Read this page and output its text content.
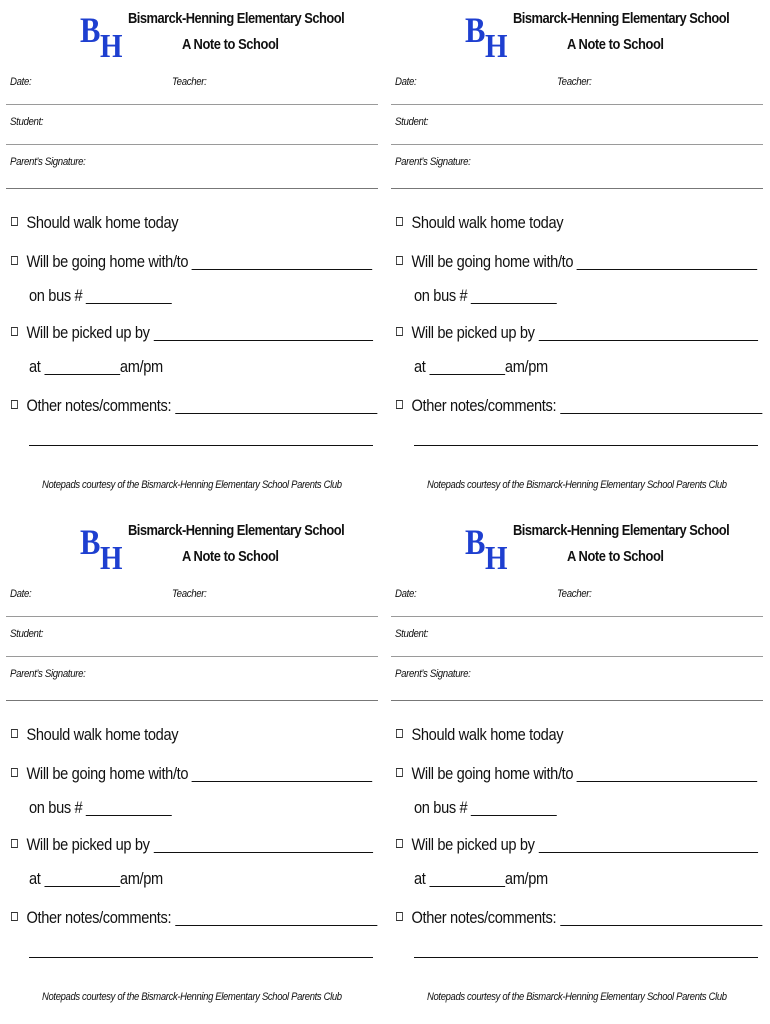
B H
Bismarck-Henning Elementary School
A Note to School
Date:	Teacher:
Student:
Parent’s Signature:
Should walk home today
Will be going home with/to
on bus #
Will be picked up by
at	am/pm
Other notes/comments:
Notepads courtesy of the Bismarck-Henning Elementary School Parents Club
B H
Bismarck-Henning Elementary School
A Note to School
Date:	Teacher:
Student:
Parent’s Signature:
Should walk home today
Will be going home with/to
on bus #
Will be picked up by
at	am/pm
Other notes/comments:
Notepads courtesy of the Bismarck-Henning Elementary School Parents Club
B H
Bismarck-Henning Elementary School
A Note to School
Date:	Teacher:
Student:
Parent’s Signature:
Should walk home today
Will be going home with/to
on bus #
Will be picked up by
at	am/pm
Other notes/comments:
Notepads courtesy of the Bismarck-Henning Elementary School Parents Club
B H
Bismarck-Henning Elementary School
A Note to School
Date:	Teacher:
Student:
Parent’s Signature:
Should walk home today
Will be going home with/to
on bus #
Will be picked up by
at	am/pm
Other notes/comments:
Notepads courtesy of the Bismarck-Henning Elementary School Parents Club
